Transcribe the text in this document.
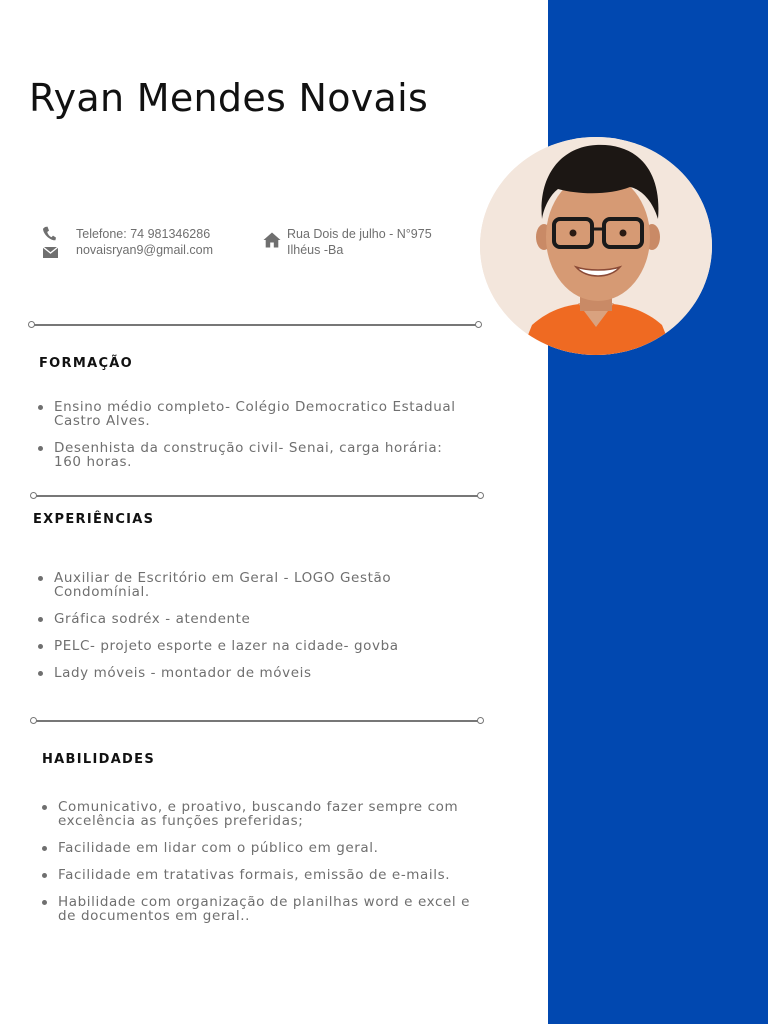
Ryan Mendes Novais
Telefone: 74 981346286
novaisryan9@gmail.com
Rua Dois de julho - N°975
Ilhéus -Ba
FORMAÇÃO
Ensino médio completo- Colégio Democratico Estadual Castro Alves.
Desenhista da construção civil- Senai, carga horária: 160 horas.
EXPERIÊNCIAS
Auxiliar de Escritório em Geral - LOGO Gestão Condomínial.
Gráfica sodréx - atendente
PELC- projeto esporte e lazer na cidade- govba
Lady móveis - montador de móveis
HABILIDADES
Comunicativo, e proativo, buscando fazer sempre com excelência as funções preferidas;
Facilidade em lidar com o público em geral.
Facilidade em tratativas formais, emissão de e-mails.
Habilidade com organização de planilhas word e excel e de documentos em geral..
